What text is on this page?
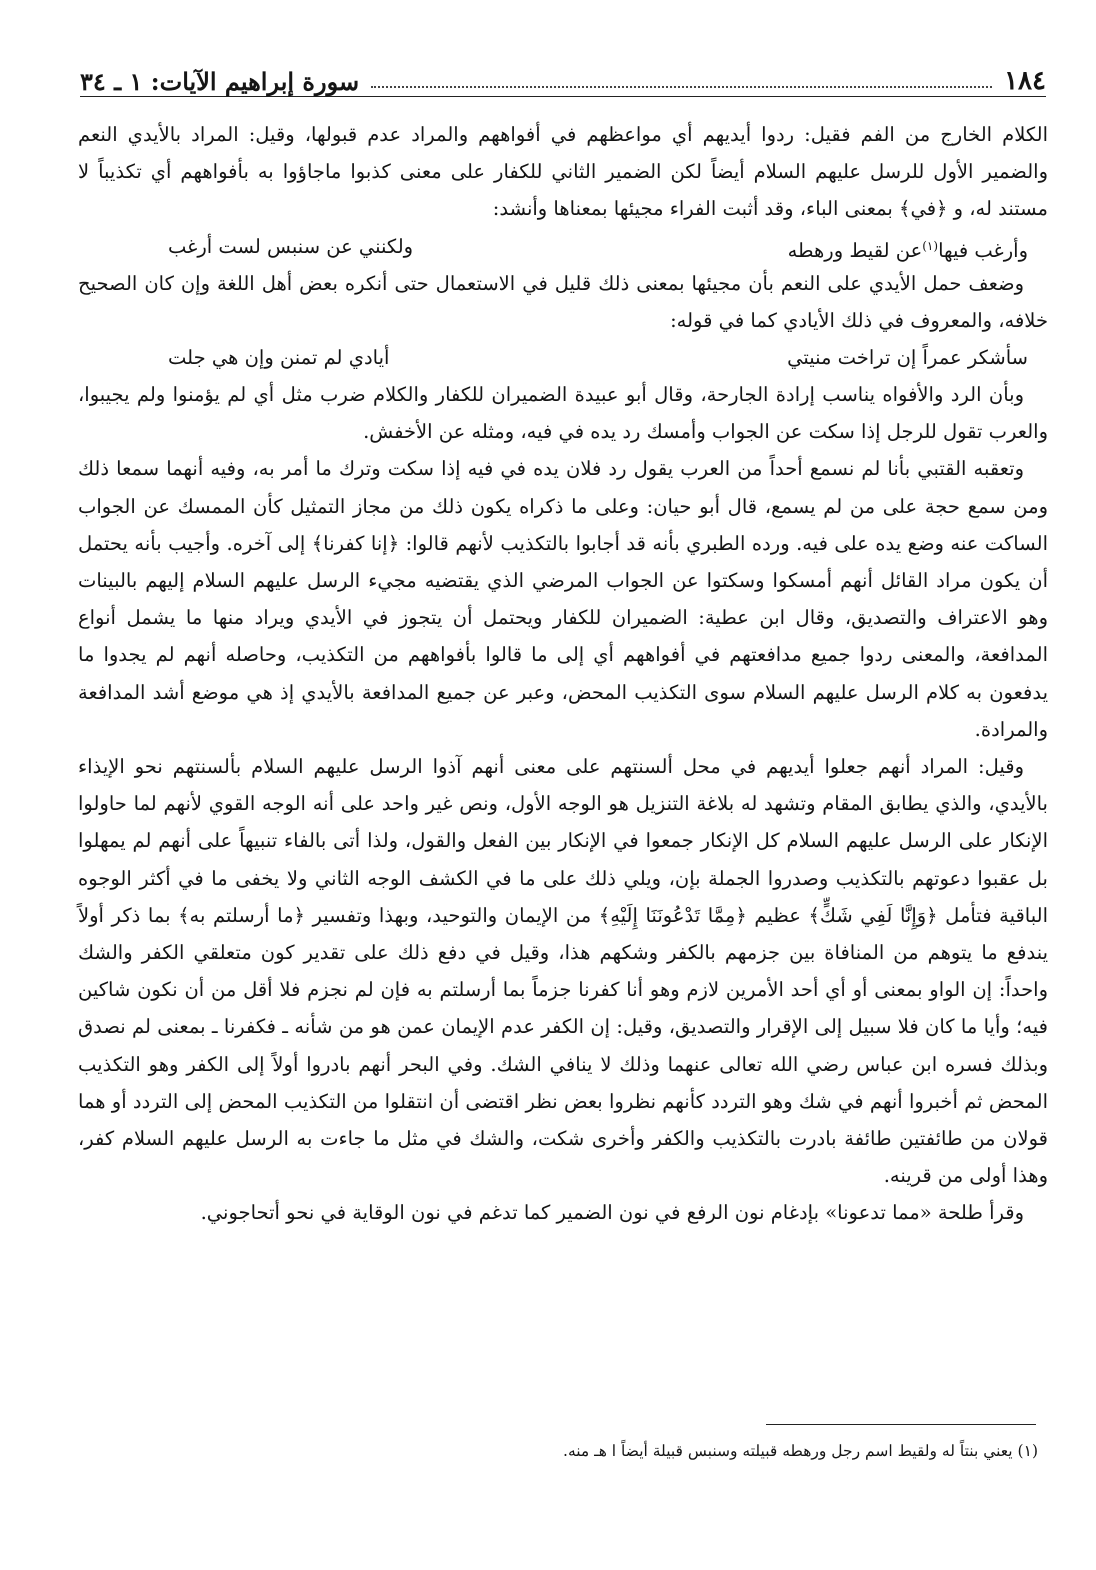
١٨٤
سورة إبراهيم الآيات: ١ ـ ٣٤

الكلام الخارج من الفم فقيل: ردوا أيديهم أي مواعظهم في أفواههم والمراد عدم قبولها، وقيل: المراد بالأيدي النعم والضمير الأول للرسل عليهم السلام أيضاً لكن الضمير الثاني للكفار على معنى كذبوا ماجاؤوا به بأفواههم أي تكذيباً لا مستند له، و ﴿في﴾ بمعنى الباء، وقد أثبت الفراء مجيئها بمعناها وأنشد:

وأرغب فيها(١)عن لقيط ورهطه
ولكنني عن سنبس لست أرغب

وضعف حمل الأيدي على النعم بأن مجيئها بمعنى ذلك قليل في الاستعمال حتى أنكره بعض أهل اللغة وإن كان الصحيح خلافه، والمعروف في ذلك الأيادي كما في قوله:

سأشكر عمراً إن تراخت منيتي
أيادي لم تمنن وإن هي جلت

وبأن الرد والأفواه يناسب إرادة الجارحة، وقال أبو عبيدة الضميران للكفار والكلام ضرب مثل أي لم يؤمنوا ولم يجيبوا، والعرب تقول للرجل إذا سكت عن الجواب وأمسك رد يده في فيه، ومثله عن الأخفش.

وتعقبه القتبي بأنا لم نسمع أحداً من العرب يقول رد فلان يده في فيه إذا سكت وترك ما أمر به، وفيه أنهما سمعا ذلك ومن سمع حجة على من لم يسمع، قال أبو حيان: وعلى ما ذكراه يكون ذلك من مجاز التمثيل كأن الممسك عن الجواب الساكت عنه وضع يده على فيه. ورده الطبري بأنه قد أجابوا بالتكذيب لأنهم قالوا: ﴿إنا كفرنا﴾ إلى آخره. وأجيب بأنه يحتمل أن يكون مراد القائل أنهم أمسكوا وسكتوا عن الجواب المرضي الذي يقتضيه مجيء الرسل عليهم السلام إليهم بالبينات وهو الاعتراف والتصديق، وقال ابن عطية: الضميران للكفار ويحتمل أن يتجوز في الأيدي ويراد منها ما يشمل أنواع المدافعة، والمعنى ردوا جميع مدافعتهم في أفواههم أي إلى ما قالوا بأفواههم من التكذيب، وحاصله أنهم لم يجدوا ما يدفعون به كلام الرسل عليهم السلام سوى التكذيب المحض، وعبر عن جميع المدافعة بالأيدي إذ هي موضع أشد المدافعة والمرادة.

وقيل: المراد أنهم جعلوا أيديهم في محل ألسنتهم على معنى أنهم آذوا الرسل عليهم السلام بألسنتهم نحو الإيذاء بالأيدي، والذي يطابق المقام وتشهد له بلاغة التنزيل هو الوجه الأول، ونص غير واحد على أنه الوجه القوي لأنهم لما حاولوا الإنكار على الرسل عليهم السلام كل الإنكار جمعوا في الإنكار بين الفعل والقول، ولذا أتى بالفاء تنبيهاً على أنهم لم يمهلوا بل عقبوا دعوتهم بالتكذيب وصدروا الجملة بإن، ويلي ذلك على ما في الكشف الوجه الثاني ولا يخفى ما في أكثر الوجوه الباقية فتأمل ﴿وَإِنَّا لَفِي شَكٍّ﴾ عظيم ﴿مِمَّا تَدْعُونَنَا إِلَيْهِ﴾ من الإيمان والتوحيد، وبهذا وتفسير ﴿ما أرسلتم به﴾ بما ذكر أولاً يندفع ما يتوهم من المنافاة بين جزمهم بالكفر وشكهم هذا، وقيل في دفع ذلك على تقدير كون متعلقي الكفر والشك واحداً: إن الواو بمعنى أو أي أحد الأمرين لازم وهو أنا كفرنا جزماً بما أرسلتم به فإن لم نجزم فلا أقل من أن نكون شاكين فيه؛ وأيا ما كان فلا سبيل إلى الإقرار والتصديق، وقيل: إن الكفر عدم الإيمان عمن هو من شأنه ـ فكفرنا ـ بمعنى لم نصدق وبذلك فسره ابن عباس رضي الله تعالى عنهما وذلك لا ينافي الشك. وفي البحر أنهم بادروا أولاً إلى الكفر وهو التكذيب المحض ثم أخبروا أنهم في شك وهو التردد كأنهم نظروا بعض نظر اقتضى أن انتقلوا من التكذيب المحض إلى التردد أو هما قولان من طائفتين طائفة بادرت بالتكذيب والكفر وأخرى شكت، والشك في مثل ما جاءت به الرسل عليهم السلام كفر، وهذا أولى من قرينه.

وقرأ طلحة «مما تدعونا» بإدغام نون الرفع في نون الضمير كما تدغم في نون الوقاية في نحو أتحاجوني.

(١) يعني بنتاً له ولقيط اسم رجل ورهطه قبيلته وسنبس قبيلة أيضاً ا هـ منه.
